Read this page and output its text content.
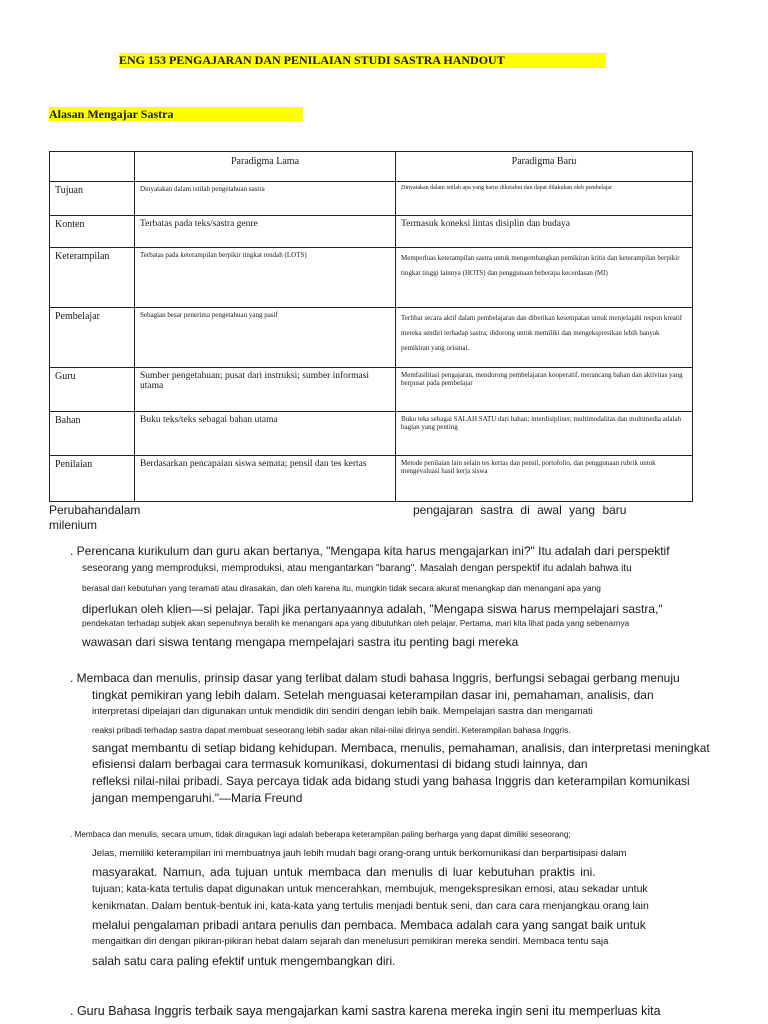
ENG 153 PENGAJARAN DAN PENILAIAN STUDI SASTRA HANDOUT
Alasan Mengajar Sastra
	Paradigma Lama	Paradigma Baru
Tujuan	Dinyatakan dalam istilah pengetahuan sastra	Dinyatakan dalam istilah apa yang harus diketahui dan dapat dilakukan oleh pembelajar
Konten	Terbatas pada teks/sastra genre	Termasuk koneksi lintas disiplin dan budaya
Keterampilan	Terbatas pada keterampilan berpikir tingkat rendah (LOTS)	Memperluas keterampilan sastra untuk mengembangkan pemikiran kritis dan keterampilan berpikir tingkat tinggi lainnya (HOTS) dan penggunaan beberapa kecerdasan (MI)
Pembelajar	Sebagian besar penerima pengetahuan yang pasif	Terlibat secara aktif dalam pembelajaran dan diberikan kesempatan untuk menjelajahi respon kreatif mereka sendiri terhadap sastra; didorong untuk memiliki dan mengekspresikan lebih banyak pemikiran yang orisinal.
Guru	Sumber pengetahuan; pusat dari instruksi; sumber informasi utama	Memfasilitasi pengajaran, mendorong pembelajaran kooperatif, merancang bahan dan aktivitas yang berpusat pada pembelajar
Bahan	Buku teks/teks sebagai bahan utama	Buku teks sebagai SALAH SATU dari bahan; interdisipliner, multimodalitas dan multimedia adalah bagian yang penting
Penilaian	Berdasarkan pencapaian siswa semata; pensil dan tes kertas	Metode penilaian lain selain tes kertas dan pensil, portofolio, dan penggunaan rubrik untuk mengevaluasi hasil kerja siswa
Perubahandalam	pengajaran sastra di awal yang baru
milenium
. Perencana kurikulum dan guru akan bertanya, "Mengapa kita harus mengajarkan ini?" Itu adalah dari perspektif
seseorang yang memproduksi, memproduksi, atau mengantarkan "barang". Masalah dengan perspektif itu adalah bahwa itu
berasal dari kebutuhan yang teramati atau dirasakan, dan oleh karena itu, mungkin tidak secara akurat menangkap dan menangani apa yang
diperlukan oleh klien—si pelajar. Tapi jika pertanyaannya adalah, "Mengapa siswa harus mempelajari sastra,"
pendekatan terhadap subjek akan sepenuhnya beralih ke menangani apa yang dibutuhkan oleh pelajar. Pertama, mari kita lihat pada yang sebenarnya
wawasan dari siswa tentang mengapa mempelajari sastra itu penting bagi mereka
. Membaca dan menulis, prinsip dasar yang terlibat dalam studi bahasa Inggris, berfungsi sebagai gerbang menuju
tingkat pemikiran yang lebih dalam. Setelah menguasai keterampilan dasar ini, pemahaman, analisis, dan
interpretasi dipelajari dan digunakan untuk mendidik diri sendiri dengan lebih baik. Mempelajari sastra dan mengamati
reaksi pribadi terhadap sastra dapat membuat seseorang lebih sadar akan nilai-nilai dirinya sendiri. Keterampilan bahasa Inggris.
sangat membantu di setiap bidang kehidupan. Membaca, menulis, pemahaman, analisis, dan interpretasi meningkat
efisiensi dalam berbagai cara termasuk komunikasi, dokumentasi di bidang studi lainnya, dan
refleksi nilai-nilai pribadi. Saya percaya tidak ada bidang studi yang bahasa Inggris dan keterampilan komunikasi
jangan mempengaruhi."—Maria Freund
. Membaca dan menulis, secara umum, tidak diragukan lagi adalah beberapa keterampilan paling berharga yang dapat dimiliki seseorang;
Jelas, memiliki keterampilan ini membuatnya jauh lebih mudah bagi orang-orang untuk berkomunikasi dan berpartisipasi dalam
masyarakat. Namun, ada tujuan untuk membaca dan menulis di luar kebutuhan praktis ini.
tujuan; kata-kata tertulis dapat digunakan untuk mencerahkan, membujuk, mengekspresikan emosi, atau sekadar untuk
kenikmatan. Dalam bentuk-bentuk ini, kata-kata yang tertulis menjadi bentuk seni, dan cara cara menjangkau orang lain
melalui pengalaman pribadi antara penulis dan pembaca. Membaca adalah cara yang sangat baik untuk
mengaitkan diri dengan pikiran-pikiran hebat dalam sejarah dan menelusuri pemikiran mereka sendiri. Membaca tentu saja
salah satu cara paling efektif untuk mengembangkan diri.
. Guru Bahasa Inggris terbaik saya mengajarkan kami sastra karena mereka ingin seni itu memperluas kita
